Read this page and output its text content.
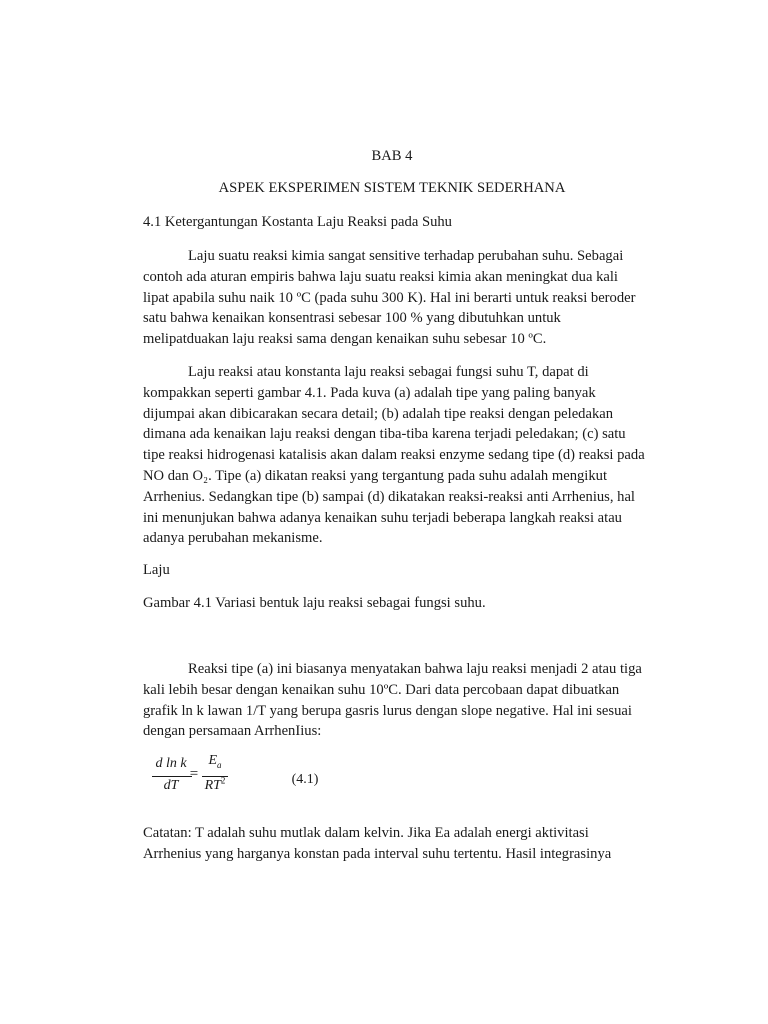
BAB 4
ASPEK EKSPERIMEN SISTEM TEKNIK SEDERHANA
4.1 Ketergantungan Kostanta Laju Reaksi pada Suhu
Laju suatu reaksi kimia sangat sensitive terhadap perubahan suhu. Sebagai
contoh ada aturan empiris bahwa laju suatu reaksi kimia akan meningkat dua kali
lipat apabila suhu naik 10 ºC (pada suhu 300 K). Hal ini berarti untuk reaksi beroder
satu bahwa kenaikan konsentrasi sebesar 100 % yang dibutuhkan untuk
melipatduakan laju reaksi sama dengan kenaikan suhu sebesar 10 ºC.
Laju reaksi atau konstanta laju reaksi sebagai fungsi suhu T, dapat di
kompakkan seperti gambar 4.1. Pada kuva (a) adalah tipe yang paling banyak
dijumpai akan dibicarakan secara detail; (b) adalah tipe reaksi dengan peledakan
dimana ada kenaikan laju reaksi dengan tiba-tiba karena terjadi peledakan; (c) satu
tipe reaksi hidrogenasi katalisis akan dalam reaksi enzyme sedang tipe (d) reaksi pada
NO dan O₂. Tipe (a) dikatan reaksi yang tergantung pada suhu adalah mengikut
Arrhenius. Sedangkan tipe (b) sampai (d) dikatakan reaksi-reaksi anti Arrhenius, hal
ini menunjukan bahwa adanya kenaikan suhu terjadi beberapa langkah reaksi atau
adanya perubahan mekanisme.
Laju
Gambar 4.1 Variasi bentuk laju reaksi sebagai fungsi suhu.
Reaksi tipe (a) ini biasanya menyatakan bahwa laju reaksi menjadi 2 atau tiga
kali lebih besar dengan kenaikan suhu 10ºC. Dari data percobaan dapat dibuatkan
grafik ln k lawan 1/T yang berupa gasris lurus dengan slope negative. Hal ini sesuai
dengan persamaan ArrhenIius:
d ln k
dT
=
$E_a$
$RT^2$	(4.1)
Catatan: T adalah suhu mutlak dalam kelvin. Jika Ea adalah energi aktivitasi
Arrhenius yang harganya konstan pada interval suhu tertentu. Hasil integrasinya
